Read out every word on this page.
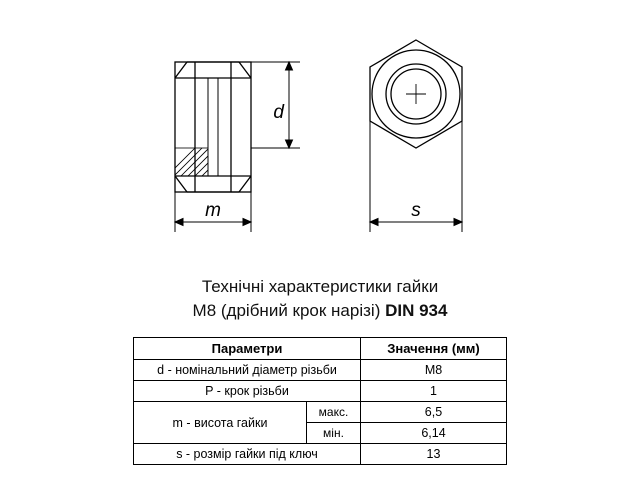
d
m	s
Технічні характеристики гайки
M8 (дрібний крок нарізі) DIN 934
Параметри		Значення (мм)
d - номінальний діаметр різьби		M8
P - крок різьби		1
m - висота гайки	макс.	6,5
	мін.	6,14
s - розмір гайки під ключ		13
